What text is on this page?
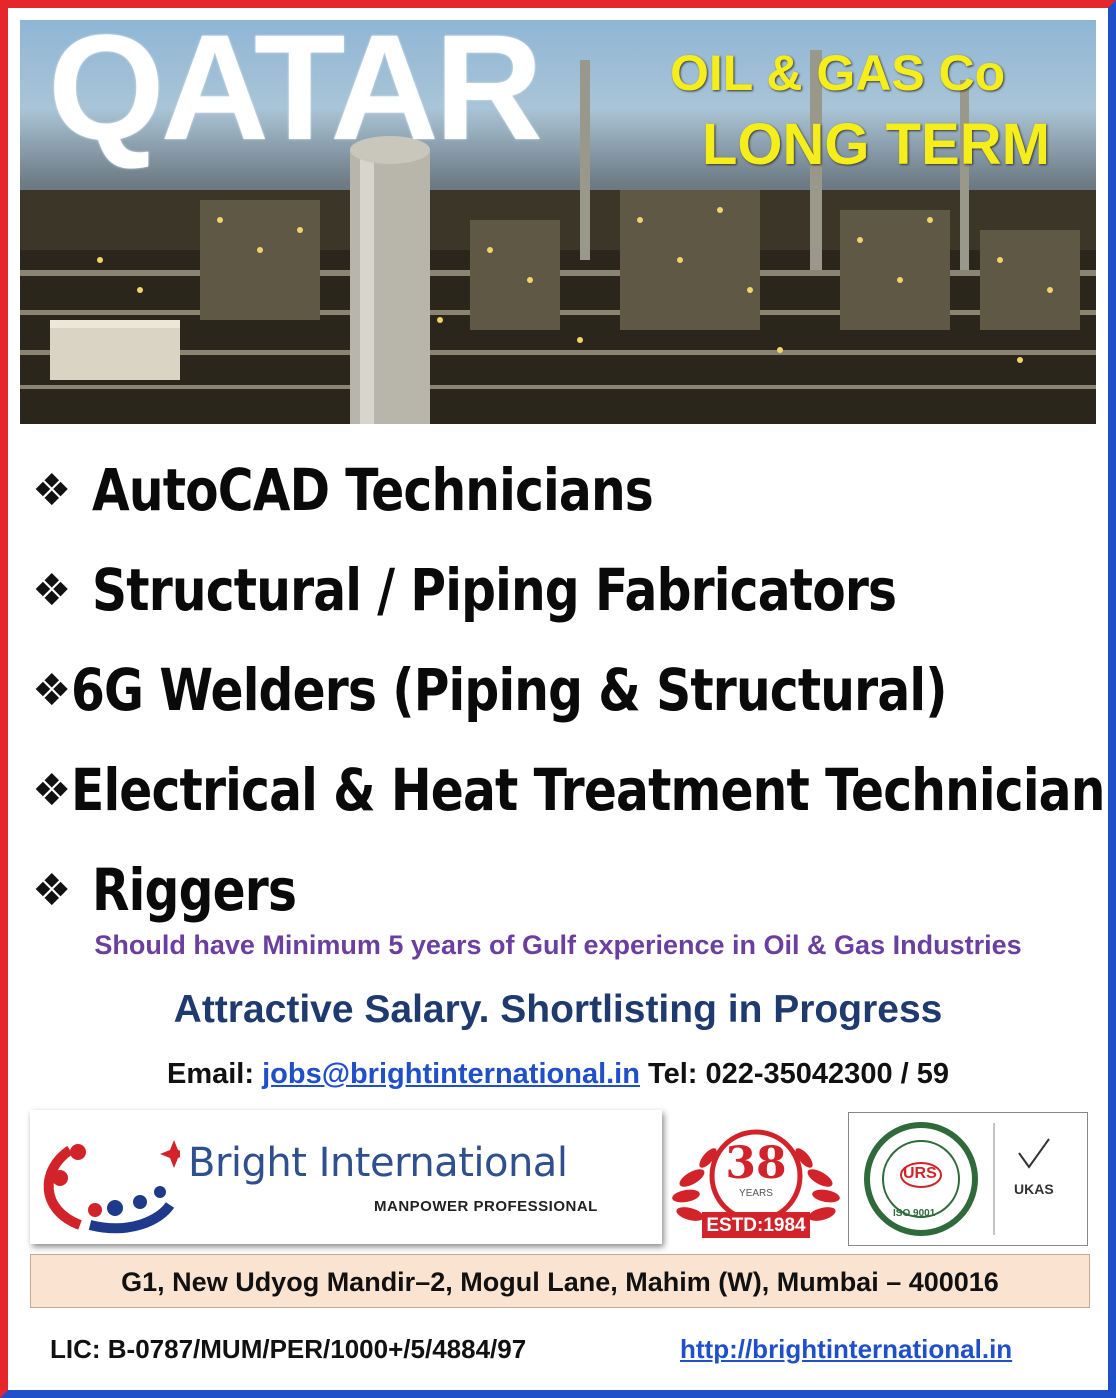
QATAR	OIL & GAS Co
LONG TERM
❖ AutoCAD Technicians
❖ Structural / Piping Fabricators
❖ 6G Welders (Piping & Structural)
❖ Electrical & Heat Treatment Technician
❖ Riggers
Should have Minimum 5 years of Gulf experience in Oil & Gas Industries
Attractive Salary. Shortlisting in Progress
Email: jobs@brightinternational.in Tel: 022-35042300 / 59
Bright International
MANPOWER PROFESSIONAL
38
YEARS
ESTD:1984
URS
ISO 9001
UKAS
G1, New Udyog Mandir–2, Mogul Lane, Mahim (W), Mumbai – 400016
LIC: B-0787/MUM/PER/1000+/5/4884/97	http://brightinternational.in
